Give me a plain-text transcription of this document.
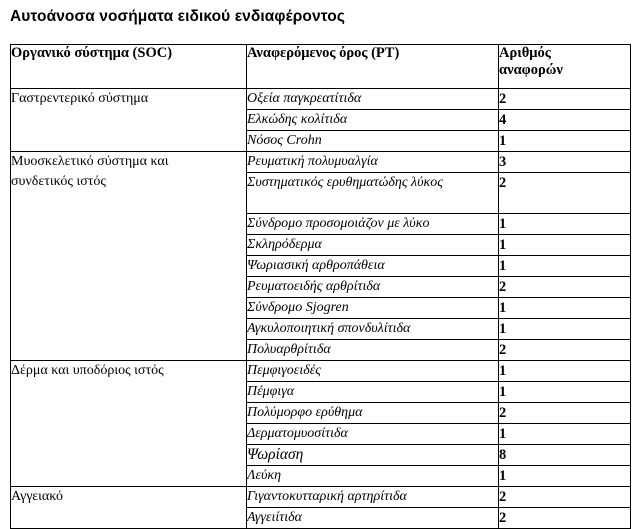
Αυτοάνοσα νοσήματα ειδικού ενδιαφέροντος
Οργανικό σύστημα (SOC)	Αναφερόμενος όρος (PT)	Αριθμός
αναφορών

Γαστρεντερικό σύστημα	Οξεία παγκρεατίτιδα	2
	Ελκώδης κολίτιδα	4
	Νόσος Crohn	1
Μυοσκελετικό σύστημα και
συνδετικός ιστός	Ρευματική πολυμυαλγία	3
	Συστηματικός ερυθηματώδης λύκος	2
	Σύνδρομο προσομοιάζον με λύκο	1
	Σκληρόδερμα	1
	Ψωριασική αρθροπάθεια	1
	Ρευματοειδής αρθρίτιδα	2
	Σύνδρομο Sjogren	1
	Αγκυλοποιητική σπονδυλίτιδα	1
	Πολυαρθρίτιδα	2
Δέρμα και υποδόριος ιστός	Πεμφιγοειδές	1
	Πέμφιγα	1
	Πολύμορφο ερύθημα	2
	Δερματομυοσίτιδα	1
	Ψωρίαση	8
	Λεύκη	1
Αγγειακό	Γιγαντοκυτταρική αρτηρίτιδα	2
	Αγγειίτιδα	2
